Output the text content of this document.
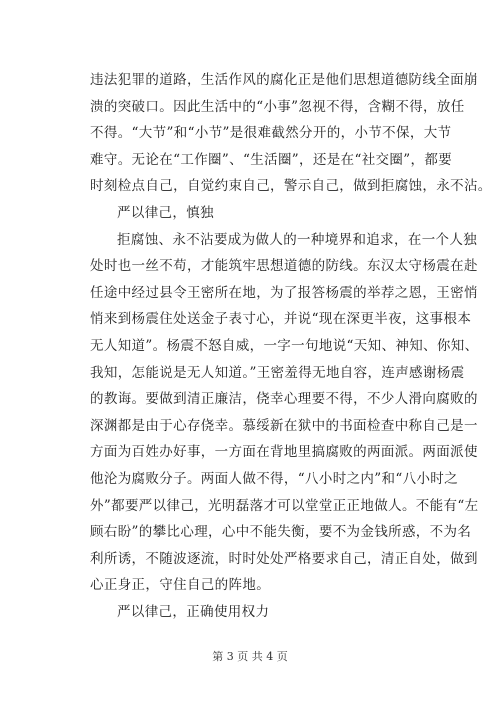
违法犯罪的道路，生活作风的腐化正是他们思想道德防线全面崩
溃的突破口。因此生活中的“小事”忽视不得，含糊不得，放任
不得。“大节”和“小节”是很难截然分开的，小节不保，大节
难守。无论在“工作圈”、“生活圈”，还是在“社交圈”，都要
时刻检点自己，自觉约束自己，警示自己，做到拒腐蚀，永不沾。
严以律己，慎独
拒腐蚀、永不沾要成为做人的一种境界和追求，在一个人独
处时也一丝不苟，才能筑牢思想道德的防线。东汉太守杨震在赴
任途中经过县令王密所在地，为了报答杨震的举荐之恩，王密悄
悄来到杨震住处送金子表寸心，并说“现在深更半夜，这事根本
无人知道”。杨震不怒自威，一字一句地说“天知、神知、你知、
我知，怎能说是无人知道。”王密羞得无地自容，连声感谢杨震
的教诲。要做到清正廉洁，侥幸心理要不得，不少人滑向腐败的
深渊都是由于心存侥幸。慕绥新在狱中的书面检查中称自己是一
方面为百姓办好事，一方面在背地里搞腐败的两面派。两面派使
他沦为腐败分子。两面人做不得，“八小时之内”和“八小时之
外”都要严以律己，光明磊落才可以堂堂正正地做人。不能有“左
顾右盼”的攀比心理，心中不能失衡，要不为金钱所惑，不为名
利所诱，不随波逐流，时时处处严格要求自己，清正自处，做到
心正身正，守住自己的阵地。
严以律己，正确使用权力
第 3 页 共 4 页
